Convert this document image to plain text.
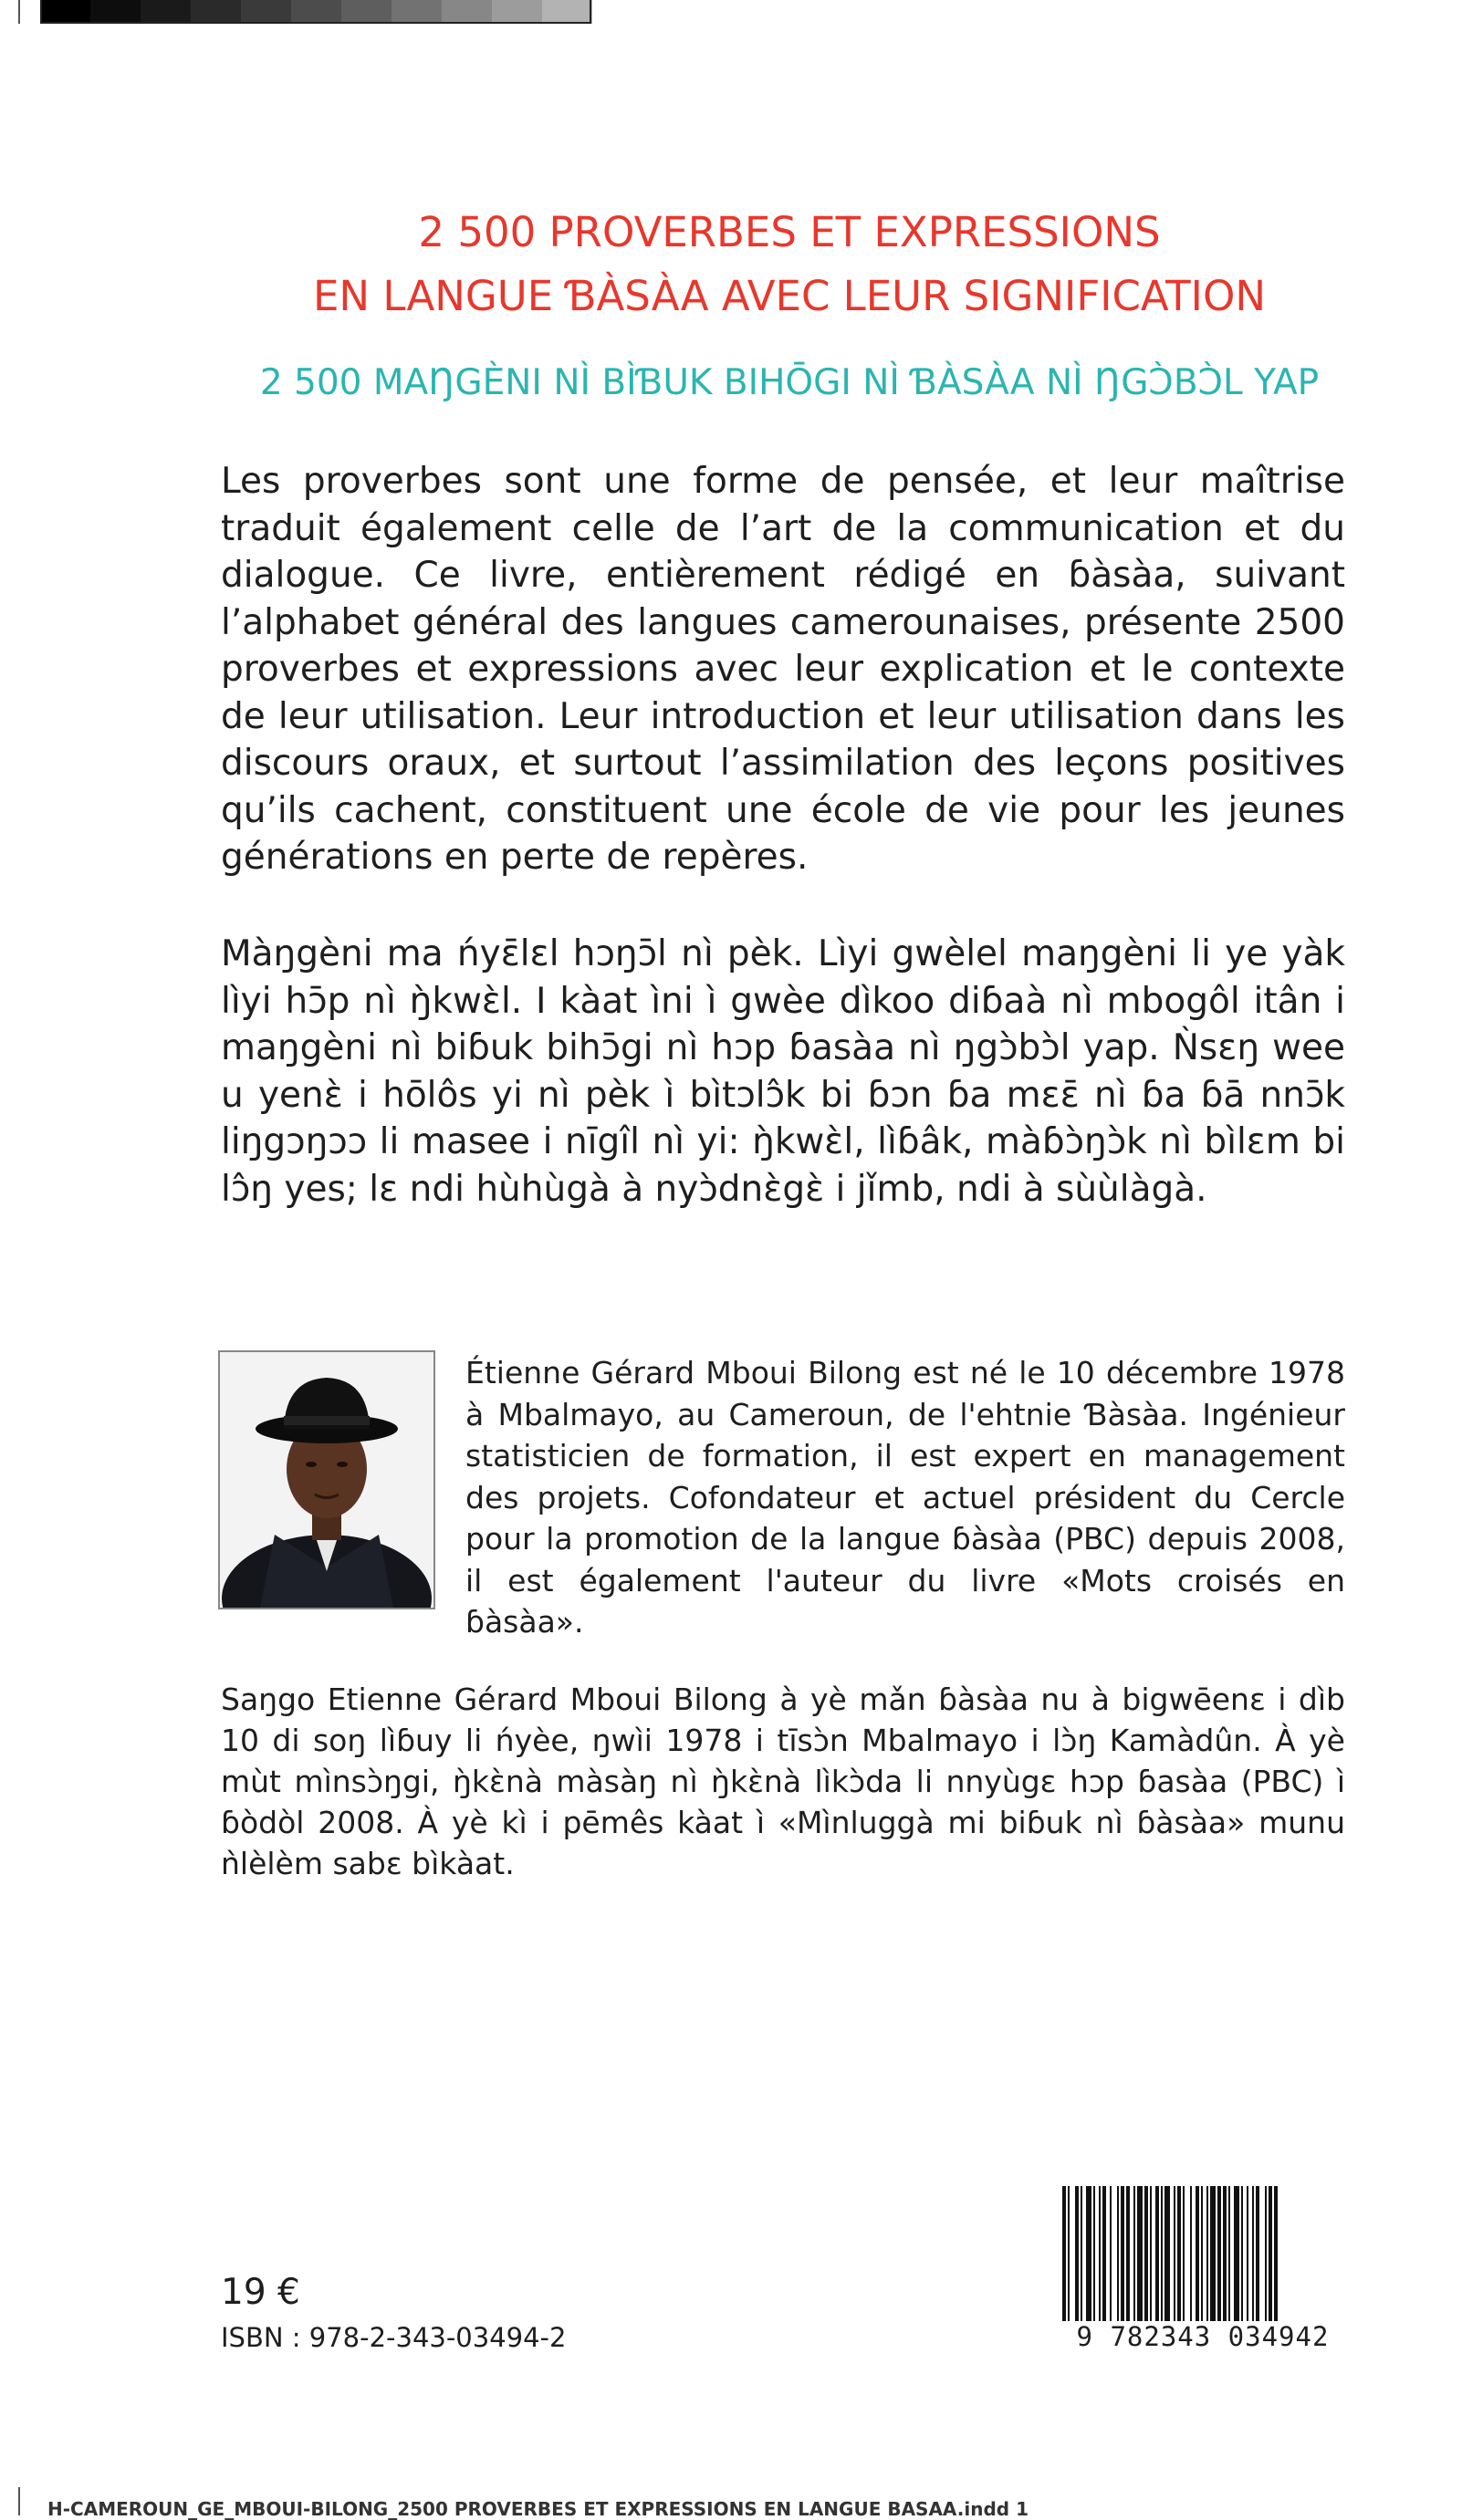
2 500 PROVERBES ET EXPRESSIONS
EN LANGUE ƁÀSÀA AVEC LEUR SIGNIFICATION
2 500 MAŊGÈNI NÌ BÌƁUK BIHŌGI NÌ ƁÀSÀA NÌ ŊGƆ̀BƆ̀L YAP

Les proverbes sont une forme de pensée, et leur maîtrise traduit également celle de l’art de la communication et du dialogue. Ce livre, entièrement rédigé en ɓàsàa, suivant l’alphabet général des langues camerounaises, présente 2500 proverbes et expressions avec leur explication et le contexte de leur utilisation. Leur introduction et leur utilisation dans les discours oraux, et surtout l’assimilation des leçons positives qu’ils cachent, constituent une école de vie pour les jeunes générations en perte de repères.

Màŋgèni ma ńyɛ̄lɛl hɔŋɔ̄l nì pèk. Lìyi gwèlel maŋgèni li ye yàk lìyi hɔ̄p nì ŋ̀kwɛ̀l. I kàat ìni ì gwèe dìkoo diɓaà nì mbogôl itân i maŋgèni nì biɓuk bihɔ̄gi nì hɔp ɓasàa nì ŋgɔ̀bɔ̀l yap. Ǹsɛŋ wee u yenɛ̀ i hōlôs yi nì pèk ì bìtɔlɔ̂k bi ɓɔn ɓa mɛɛ̄ nì ɓa ɓā nnɔ̄k liŋgɔŋɔɔ li masee i nīgîl nì yi: ŋ̀kwɛ̀l, lìɓâk, màɓɔ̀ŋɔ̀k nì bìlɛm bi lɔ̂ŋ yes; lɛ ndi hùhùgà à nyɔ̀dnɛ̀gɛ̀ i jǐmb, ndi à sùùlàgà.

Étienne Gérard Mboui Bilong est né le 10 décembre 1978 à Mbalmayo, au Cameroun, de l'ehtnie Ɓàsàa. Ingénieur statisticien de formation, il est expert en management des projets. Cofondateur et actuel président du Cercle pour la promotion de la langue ɓàsàa (PBC) depuis 2008, il est également l'auteur du livre «Mots croisés en ɓàsàa».

Saŋgo Etienne Gérard Mboui Bilong à yè mǎn ɓàsàa nu à bigwēenɛ i dìb 10 di soŋ lìɓuy li ńyèe, ŋwìi 1978 i tīsɔ̀n Mbalmayo i lɔ̀ŋ Kamàdûn. À yè mùt mìnsɔ̀ŋgi, ŋ̀kɛ̀nà màsàŋ nì ŋ̀kɛ̀nà lìkɔ̀da li nnyùgɛ hɔp ɓasàa (PBC) ì ɓòdòl 2008. À yè kì i pēmês kàat ì «Mìnluggà mi biɓuk nì ɓàsàa» munu ǹlèlèm sabɛ bìkàat.

19 €
ISBN : 978-2-343-03494-2	9 782343 034942
H-CAMEROUN_GE_MBOUI-BILONG_2500 PROVERBES ET EXPRESSIONS EN LANGUE BASAA.indd 1
